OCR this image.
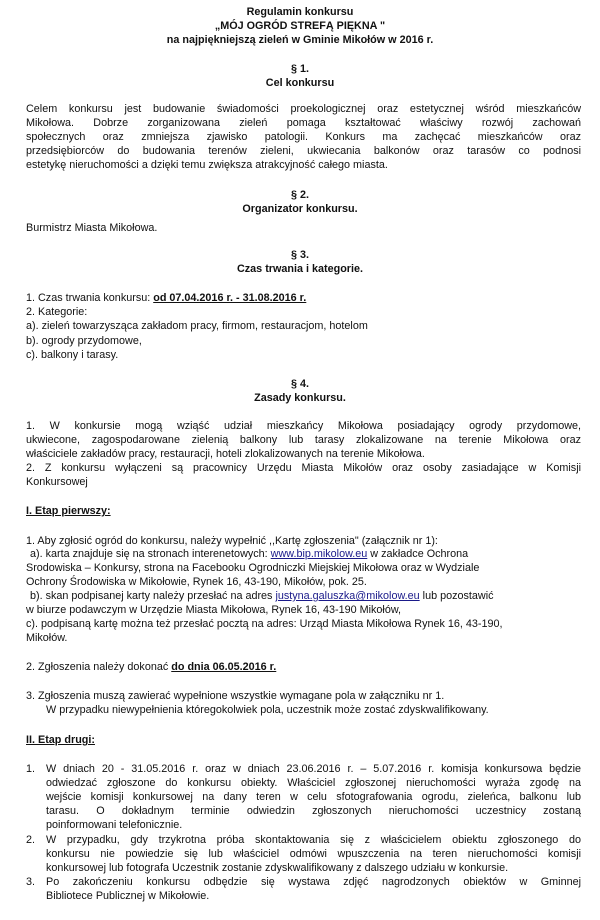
Regulamin konkursu
„MÓJ OGRÓD STREFĄ PIĘKNA "
na najpiękniejszą zieleń w Gminie Mikołów w 2016 r.
§ 1.
Cel konkursu
Celem konkursu jest budowanie świadomości proekologicznej oraz estetycznej wśród mieszkańców
Mikołowa. Dobrze zorganizowana zieleń pomaga kształtować właściwy rozwój zachowań
społecznych oraz zmniejsza zjawisko patologii. Konkurs ma zachęcać mieszkańców oraz
przedsiębiorców do budowania terenów zieleni, ukwiecania balkonów oraz tarasów co podnosi
estetykę nieruchomości a dzięki temu zwiększa atrakcyjność całego miasta.
§ 2.
Organizator konkursu.
Burmistrz Miasta Mikołowa.
§ 3.
Czas trwania i kategorie.
1. Czas trwania konkursu: od 07.04.2016 r. - 31.08.2016 r.
2. Kategorie:
a). zieleń towarzysząca zakładom pracy, firmom, restauracjom, hotelom
b). ogrody przydomowe,
c). balkony i tarasy.
§ 4.
Zasady konkursu.
1. W konkursie mogą wziąść udział mieszkańcy Mikołowa posiadający ogrody przydomowe,
ukwiecone, zagospodarowane zielenią balkony lub tarasy zlokalizowane na terenie Mikołowa oraz
właściciele zakładów pracy, restauracji, hoteli zlokalizowanych na terenie Mikołowa.
2. Z konkursu wyłączeni są pracownicy Urzędu Miasta Mikołów oraz osoby zasiadające w Komisji
Konkursowej
I. Etap pierwszy:
1. Aby zgłosić ogród do konkursu, należy wypełnić ,,Kartę zgłoszenia" (załącznik nr 1):
a). karta znajduje się na stronach interenetowych: www.bip.mikolow.eu w zakładce Ochrona
Srodowiska – Konkursy, strona na Facebooku Ogrodniczki Miejskiej Mikołowa oraz w Wydziale
Ochrony Środowiska w Mikołowie, Rynek 16, 43-190, Mikołów, pok. 25.
b). skan podpisanej karty należy przesłać na adres justyna.galuszka@mikolow.eu lub pozostawić
w biurze podawczym w Urzędzie Miasta Mikołowa, Rynek 16, 43-190 Mikołów,
c). podpisaną kartę można też przesłać pocztą na adres: Urząd Miasta Mikołowa Rynek 16, 43-190,
Mikołów.
2. Zgłoszenia należy dokonać do dnia 06.05.2016 r.
3. Zgłoszenia muszą zawierać wypełnione wszystkie wymagane pola w załączniku nr 1.
W przypadku niewypełnienia któregokolwiek pola, uczestnik może zostać zdyskwalifikowany.
II. Etap drugi:
1. W dniach 20 - 31.05.2016 r. oraz w dniach 23.06.2016 r. – 5.07.2016 r. komisja konkursowa będzie
odwiedzać zgłoszone do konkursu obiekty. Właściciel zgłoszonej nieruchomości wyraża zgodę na
wejście komisji konkursowej na dany teren w celu sfotografowania ogrodu, zieleńca, balkonu lub
tarasu. O dokładnym terminie odwiedzin zgłoszonych nieruchomości uczestnicy zostaną
poinformowani telefonicznie.
2. W przypadku, gdy trzykrotna próba skontaktowania się z właścicielem obiektu zgłoszonego do
konkursu nie powiedzie się lub właściciel odmówi wpuszczenia na teren nieruchomości komisji
konkursowej lub fotografa Uczestnik zostanie zdyskwalifikowany z dalszego udziału w konkursie.
3. Po zakończeniu konkursu odbędzie się wystawa zdjęć nagrodzonych obiektów w Gminnej
Bibliotece Publicznej w Mikołowie.
